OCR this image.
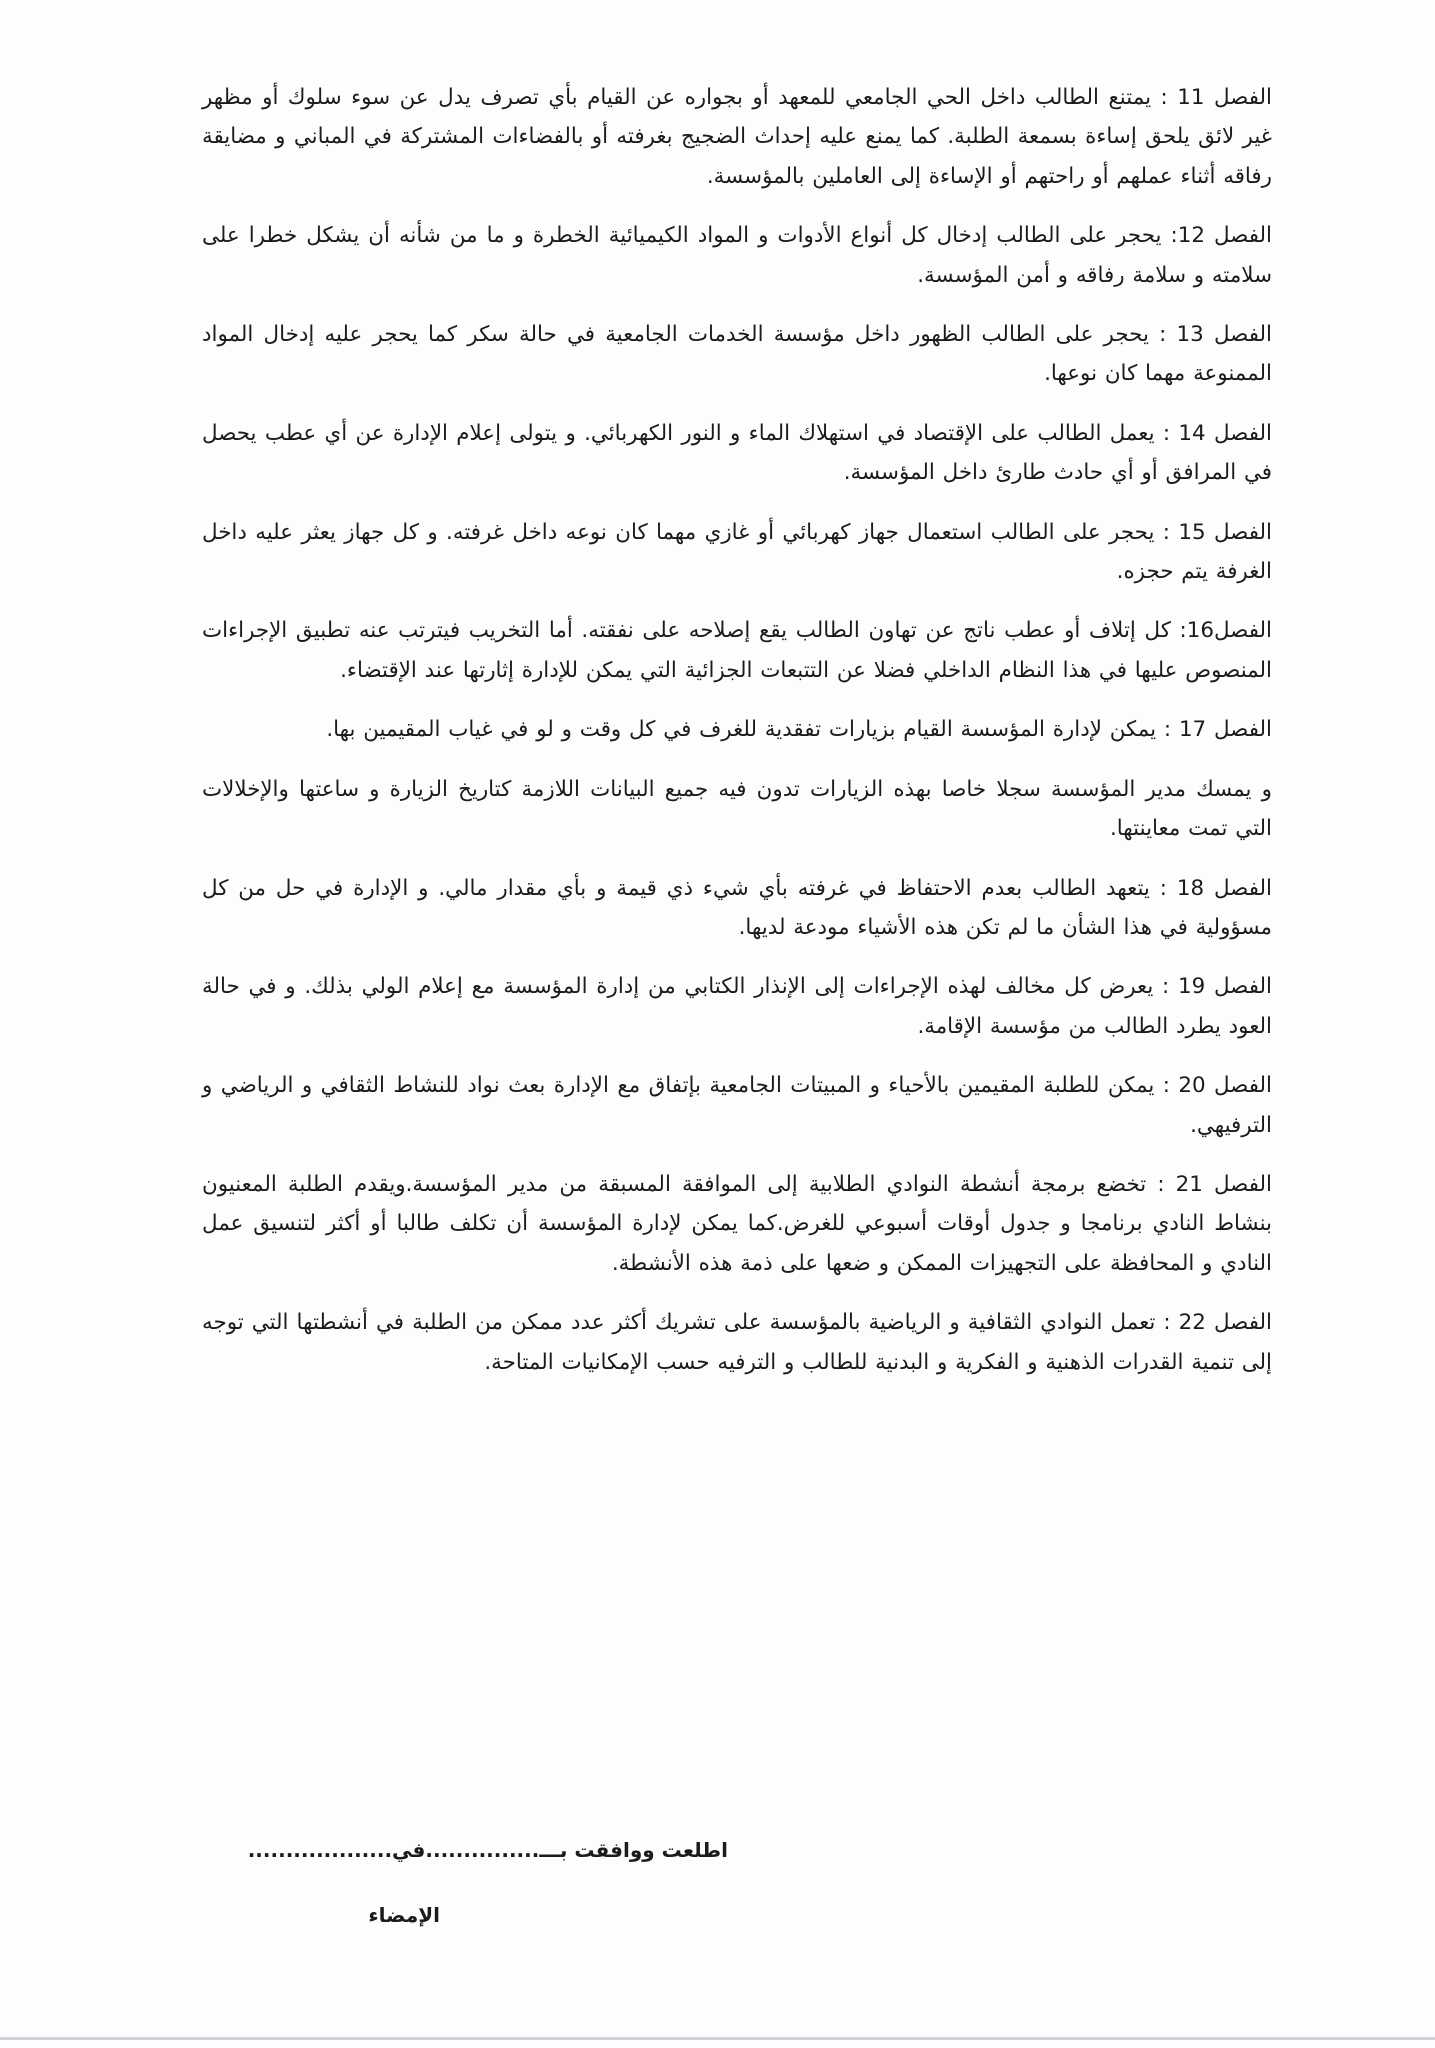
الفصل 11 : يمتنع الطالب داخل الحي الجامعي للمعهد أو بجواره عن القيام بأي تصرف يدل عن سوء سلوك أو مظهر غير لائق يلحق إساءة بسمعة الطلبة. كما يمنع عليه إحداث الضجيج بغرفته أو بالفضاءات المشتركة في المباني و مضايقة رفاقه أثناء عملهم أو راحتهم أو الإساءة إلى العاملين بالمؤسسة.

الفصل 12: يحجر على الطالب إدخال كل أنواع الأدوات و المواد الكيميائية الخطرة و ما من شأنه أن يشكل خطرا على سلامته و سلامة رفاقه و أمن المؤسسة.

الفصل 13 : يحجر على الطالب الظهور داخل مؤسسة الخدمات الجامعية في حالة سكر كما يحجر عليه إدخال المواد الممنوعة مهما كان نوعها.

الفصل 14 : يعمل الطالب على الإقتصاد في استهلاك الماء و النور الكهربائي. و يتولى إعلام الإدارة عن أي عطب يحصل في المرافق أو أي حادث طارئ داخل المؤسسة.

الفصل 15 : يحجر على الطالب استعمال جهاز كهربائي أو غازي مهما كان نوعه داخل غرفته. و كل جهاز يعثر عليه داخل الغرفة يتم حجزه.

الفصل16: كل إتلاف أو عطب ناتج عن تهاون الطالب يقع إصلاحه على نفقته. أما التخريب فيترتب عنه تطبيق الإجراءات المنصوص عليها في هذا النظام الداخلي فضلا عن التتبعات الجزائية التي يمكن للإدارة إثارتها عند الإقتضاء.

الفصل 17 : يمكن لإدارة المؤسسة القيام بزيارات تفقدية للغرف في كل وقت و لو في غياب المقيمين بها.

و يمسك مدير المؤسسة سجلا خاصا بهذه الزيارات تدون فيه جميع البيانات اللازمة كتاريخ الزيارة و ساعتها والإخلالات التي تمت معاينتها.

الفصل 18 : يتعهد الطالب بعدم الاحتفاظ في غرفته بأي شيء ذي قيمة و بأي مقدار مالي. و الإدارة في حل من كل مسؤولية في هذا الشأن ما لم تكن هذه الأشياء مودعة لديها.

الفصل 19 : يعرض كل مخالف لهذه الإجراءات إلى الإنذار الكتابي من إدارة المؤسسة مع إعلام الولي بذلك. و في حالة العود يطرد الطالب من مؤسسة الإقامة.

الفصل 20 : يمكن للطلبة المقيمين بالأحياء و المبيتات الجامعية بإتفاق مع الإدارة بعث نواد للنشاط الثقافي و الرياضي و الترفيهي.

الفصل 21 : تخضع برمجة أنشطة النوادي الطلابية إلى الموافقة المسبقة من مدير المؤسسة.ويقدم الطلبة المعنيون بنشاط النادي برنامجا و جدول أوقات أسبوعي للغرض.كما يمكن لإدارة المؤسسة أن تكلف طالبا أو أكثر لتنسيق عمل النادي و المحافظة على التجهيزات الممكن و ضعها على ذمة هذه الأنشطة.

الفصل 22 : تعمل النوادي الثقافية و الرياضية بالمؤسسة على تشريك أكثر عدد ممكن من الطلبة في أنشطتها التي توجه إلى تنمية القدرات الذهنية و الفكرية و البدنية للطالب و الترفيه حسب الإمكانيات المتاحة.

اطلعت ووافقت بـــ...............في...................
الإمضاء
